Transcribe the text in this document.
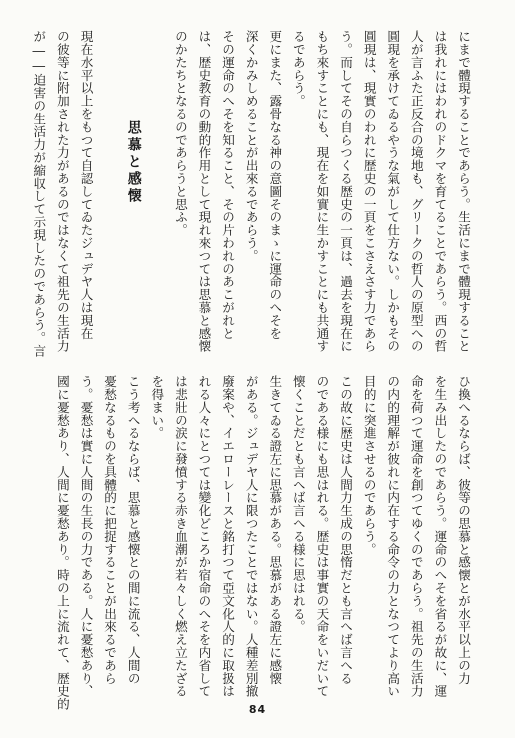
にまで體現することであらう。生活にまで體現すること
は我れにはわれのドクマを育てることであらう。西の哲
人が言ふた正反合の境地も、グリークの哲人の原型への
圓現を承けてゐるやうな氣がして仕方ない。しかもその
圓現は、現實のわれに歴史の一頁をこさえさす力であら
う。而してその自らつくる歴史の一頁は、過去を現在に
もち來すことにも、現在を如實に生かすことにも共通す
るであらう。
更にまた、露骨なる神の意圖そのまゝに運命のへそを
深くかみしめることが出來るであらう。
その運命のへそを知ること、その片われのあこがれと
は、歴史教育の動的作用として現れ來つては思慕と感懐
のかたちとなるのであらうと思ふ。

思慕と感懐

現在水平以上をもつて自認してゐたジュデヤ人は現在
の彼等に附加された力があるのではなくて祖先の生活力
が――迫害の生活力が縮収して示現したのであらう。言
ひ換へるならば、彼等の思慕と感懐とが水平以上の力
を生み出したのであらう。運命のへそを省るが故に、運
命を荷つて運命を創つてゆくのであらう。祖先の生活力
の内的理解が彼れに内在する命令の力となつてより高い
目的に突進させるのであらう。
この故に歴史は人間力生成の思惰だとも言へば言へる
のである様にも思はれる。歴史は事實の天命をいだいて
懐くことだとも言へば言へる様に思はれる。
生きてゐる證左に思慕がある。思慕がある證左に感懐
がある。ジュデヤ人に限つたことではない。人種差別撤
廢案や、イエローレースと銘打つて亞文化人的に取扱は
れる人々にとつては變化どころか宿命のへそを内省して
は悲壯の涙に發憤する赤き血潮が若々しく燃え立たざる
を得まい。
こう考へるならば、思慕と感懐との間に流る、人間の
憂愁なるものを具體的に把捉することが出來るであら
う。憂愁は實に人間の生長の力である。人に憂愁あり、
國に憂愁あり、人間に憂愁あり。時の上に流れて、歴史的	84
